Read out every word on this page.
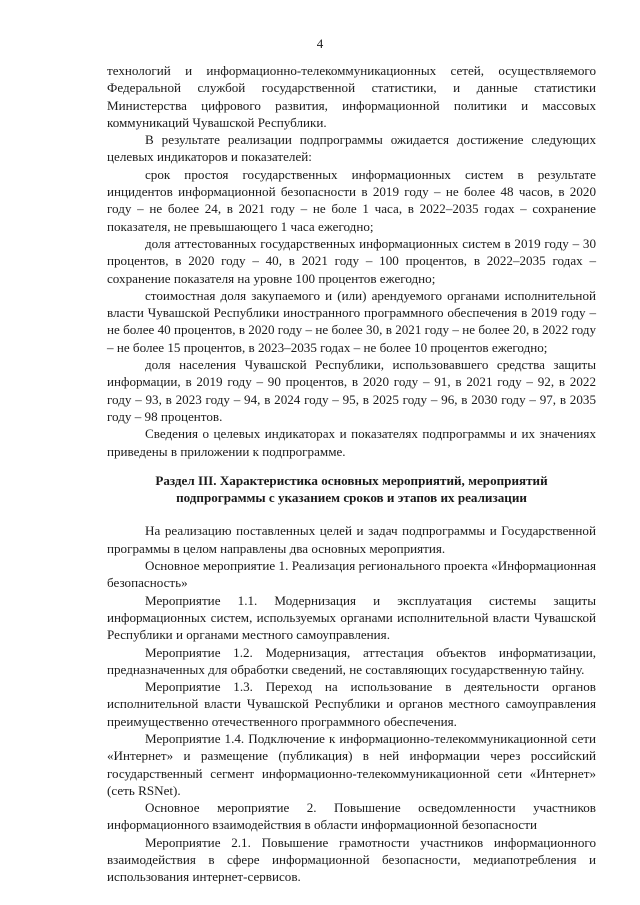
4

технологий и информационно-телекоммуникационных сетей, осуществляемого Федеральной службой государственной статистики, и данные статистики Министерства цифрового развития, информационной политики и массовых коммуникаций Чувашской Республики.

В результате реализации подпрограммы ожидается достижение следующих целевых индикаторов и показателей:

срок простоя государственных информационных систем в результате инцидентов информационной безопасности в 2019 году – не более 48 часов, в 2020 году – не более 24, в 2021 году – не боле 1 часа, в 2022–2035 годах – сохранение показателя, не превышающего 1 часа ежегодно;

доля аттестованных государственных информационных систем в 2019 году – 30 процентов, в 2020 году – 40, в 2021 году – 100 процентов, в 2022–2035 годах – сохранение показателя на уровне 100 процентов ежегодно;

стоимостная доля закупаемого и (или) арендуемого органами исполнительной власти Чувашской Республики иностранного программного обеспечения в 2019 году – не более 40 процентов, в 2020 году – не более 30, в 2021 году – не более 20, в 2022 году – не более 15 процентов, в 2023–2035 годах – не более 10 процентов ежегодно;

доля населения Чувашской Республики, использовавшего средства защиты информации, в 2019 году – 90 процентов, в 2020 году – 91, в 2021 году – 92, в 2022 году – 93, в 2023 году – 94, в 2024 году – 95, в 2025 году – 96, в 2030 году – 97, в 2035 году – 98 процентов.

Сведения о целевых индикаторах и показателях подпрограммы и их значениях приведены в приложении к подпрограмме.

Раздел III. Характеристика основных мероприятий, мероприятий подпрограммы с указанием сроков и этапов их реализации

На реализацию поставленных целей и задач подпрограммы и Государственной программы в целом направлены два основных мероприятия.

Основное мероприятие 1. Реализация регионального проекта «Информационная безопасность»

Мероприятие 1.1. Модернизация и эксплуатация системы защиты информационных систем, используемых органами исполнительной власти Чувашской Республики и органами местного самоуправления.

Мероприятие 1.2. Модернизация, аттестация объектов информатизации, предназначенных для обработки сведений, не составляющих государственную тайну.

Мероприятие 1.3. Переход на использование в деятельности органов исполнительной власти Чувашской Республики и органов местного самоуправления преимущественно отечественного программного обеспечения.

Мероприятие 1.4. Подключение к информационно-телекоммуникационной сети «Интернет» и размещение (публикация) в ней информации через российский государственный сегмент информационно-телекоммуникационной сети «Интернет» (сеть RSNet).

Основное мероприятие 2. Повышение осведомленности участников информационного взаимодействия в области информационной безопасности

Мероприятие 2.1. Повышение грамотности участников информационного взаимодействия в сфере информационной безопасности, медиапотребления и использования интернет-сервисов.
